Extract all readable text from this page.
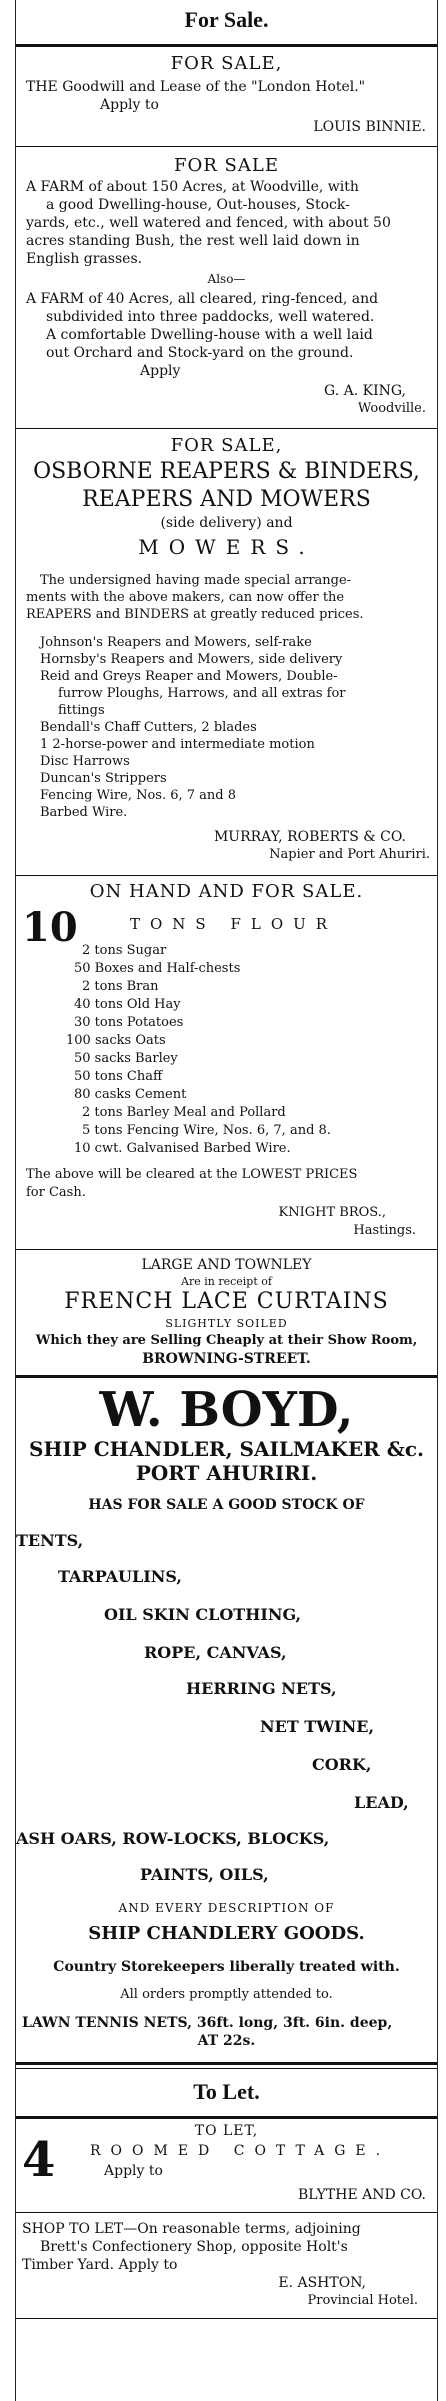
For Sale.
FOR SALE,
THE Goodwill and Lease of the "London Hotel."
Apply to
LOUIS BINNIE.
FOR SALE
A FARM of about 150 Acres, at Woodville, with
a good Dwelling-house, Out-houses, Stock-
yards, etc., well watered and fenced, with about 50
acres standing Bush, the rest well laid down in
English grasses.
Also—
A FARM of 40 Acres, all cleared, ring-fenced, and
subdivided into three paddocks, well watered.
A comfortable Dwelling-house with a well laid
out Orchard and Stock-yard on the ground.
Apply
G. A. KING,
Woodville.
FOR SALE,
OSBORNE REAPERS & BINDERS,
REAPERS AND MOWERS
(side delivery) and
MOWERS.
The undersigned having made special arrange-
ments with the above makers, can now offer the
REAPERS and BINDERS at greatly reduced prices.
Johnson's Reapers and Mowers, self-rake
Hornsby's Reapers and Mowers, side delivery
Reid and Greys Reaper and Mowers, Double-
furrow Ploughs, Harrows, and all extras for
fittings
Bendall's Chaff Cutters, 2 blades
1 2-horse-power and intermediate motion
Disc Harrows
Duncan's Strippers
Fencing Wire, Nos. 6, 7 and 8
Barbed Wire.
MURRAY, ROBERTS & CO.
Napier and Port Ahuriri.
ON HAND AND FOR SALE.
10	TONS FLOUR
2 tons Sugar
50 Boxes and Half-chests
2 tons Bran
40 tons Old Hay
30 tons Potatoes
100 sacks Oats
50 sacks Barley
50 tons Chaff
80 casks Cement
2 tons Barley Meal and Pollard
5 tons Fencing Wire, Nos. 6, 7, and 8.
10 cwt. Galvanised Barbed Wire.
The above will be cleared at the LOWEST PRICES
for Cash.
KNIGHT BROS.,
Hastings.
LARGE AND TOWNLEY
Are in receipt of
FRENCH LACE CURTAINS
SLIGHTLY SOILED
Which they are Selling Cheaply at their Show Room,
BROWNING-STREET.
W. BOYD,
SHIP CHANDLER, SAILMAKER &c.
PORT AHURIRI.
HAS FOR SALE A GOOD STOCK OF
TENTS,
TARPAULINS,
OIL SKIN CLOTHING,
ROPE, CANVAS,
HERRING NETS,
NET TWINE,
CORK,
LEAD,
ASH OARS, ROW-LOCKS, BLOCKS,
PAINTS, OILS,
AND EVERY DESCRIPTION OF
SHIP CHANDLERY GOODS.
Country Storekeepers liberally treated with.
All orders promptly attended to.
LAWN TENNIS NETS, 36ft. long, 3ft. 6in. deep,
AT 22s.
To Let.
TO LET,
4 ROOMED COTTAGE.
Apply to
BLYTHE AND CO.
SHOP TO LET—On reasonable terms, adjoining
Brett's Confectionery Shop, opposite Holt's
Timber Yard. Apply to
E. ASHTON,
Provincial Hotel.
